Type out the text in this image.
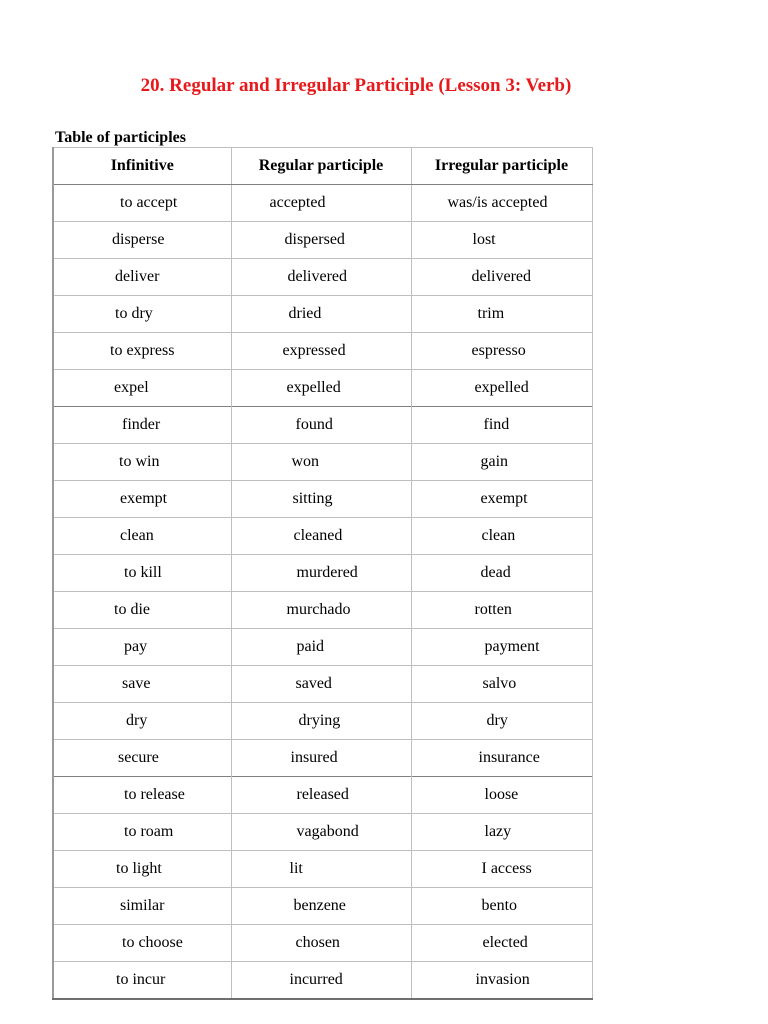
20. Regular and Irregular Participle (Lesson 3: Verb)
Table of participles
Infinitive	Regular participle	Irregular participle
to accept	accepted	was/is accepted
disperse	dispersed	lost
deliver	delivered	delivered
to dry	dried	trim
to express	expressed	espresso
expel	expelled	expelled
finder	found	find
to win	won	gain
exempt	sitting	exempt
clean	cleaned	clean
to kill	murdered	dead
to die	murchado	rotten
pay	paid	payment
save	saved	salvo
dry	drying	dry
secure	insured	insurance
to release	released	loose
to roam	vagabond	lazy
to light	lit	I access
similar	benzene	bento
to choose	chosen	elected
to incur	incurred	invasion
